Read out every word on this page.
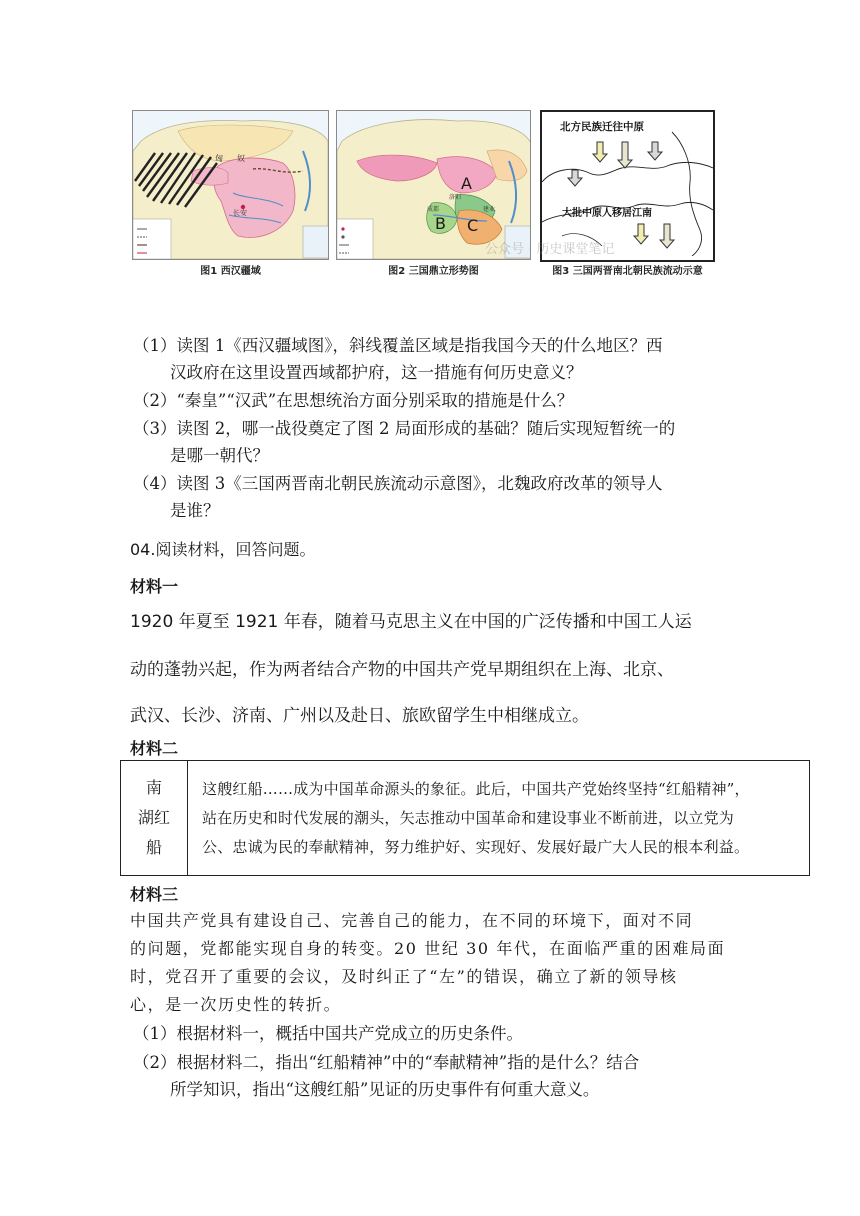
匈 奴
长安
图1 西汉疆域
A
B C
成都
洛阳
建业
图2 三国鼎立形势图
北方民族迁往中原
大批中原人移居江南
图3 三国两晋南北朝民族流动示意
公众号 · 历史课堂笔记
（1）读图 1《西汉疆域图》，斜线覆盖区域是指我国今天的什么地区？西
汉政府在这里设置西域都护府，这一措施有何历史意义？
（2）“秦皇”“汉武”在思想统治方面分别采取的措施是什么？
（3）读图 2，哪一战役奠定了图 2 局面形成的基础？随后实现短暂统一的
是哪一朝代？
（4）读图 3《三国两晋南北朝民族流动示意图》，北魏政府改革的领导人
是谁？
04.阅读材料，回答问题。
材料一
1920 年夏至 1921 年春，随着马克思主义在中国的广泛传播和中国工人运
动的蓬勃兴起，作为两者结合产物的中国共产党早期组织在上海、北京、
武汉、长沙、济南、广州以及赴日、旅欧留学生中相继成立。
材料二
南
湖红
船

这艘红船……成为中国革命源头的象征。此后，中国共产党始终坚持“红船精神”，
站在历史和时代发展的潮头，矢志推动中国革命和建设事业不断前进，以立党为
公、忠诚为民的奉献精神，努力维护好、实现好、发展好最广大人民的根本利益。
材料三
中国共产党具有建设自己、完善自己的能力，在不同的环境下，面对不同
的问题，党都能实现自身的转变。20 世纪 30 年代，在面临严重的困难局面
时，党召开了重要的会议，及时纠正了“左”的错误，确立了新的领导核
心，是一次历史性的转折。
（1）根据材料一，概括中国共产党成立的历史条件。
（2）根据材料二，指出“红船精神”中的“奉献精神”指的是什么？结合
所学知识，指出“这艘红船”见证的历史事件有何重大意义。
